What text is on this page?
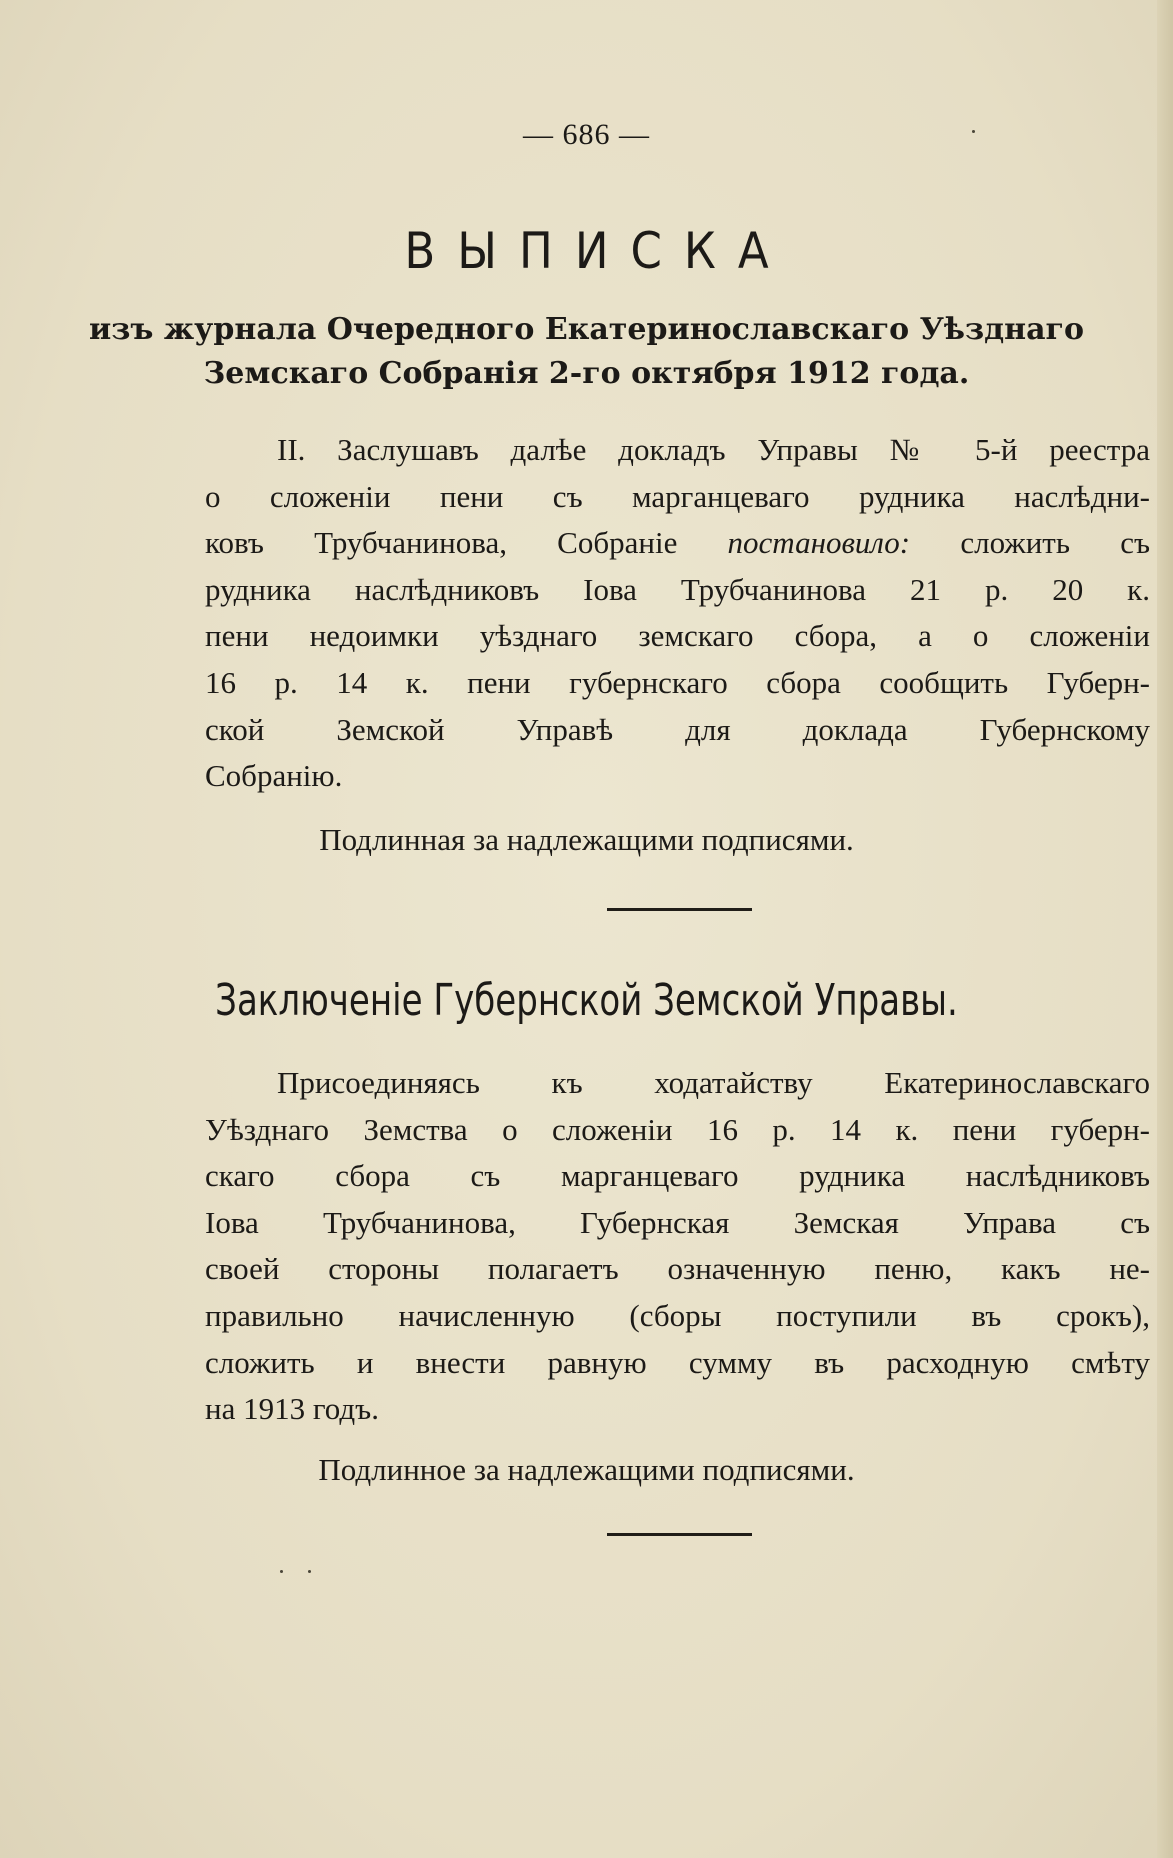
— 686 —
ВЫПИСКА
изъ журнала Очередного Екатеринославскаго Уѣзднаго
Земскаго Собранія 2-го октября 1912 года.
II. Заслушавъ далѣе докладъ Управы № 5-й реестра
о сложеніи пени съ марганцеваго рудника наслѣдни-
ковъ Трубчанинова, Собраніе постановило: сложить съ
рудника наслѣдниковъ Іова Трубчанинова 21 р. 20 к.
пени недоимки уѣзднаго земскаго сбора, а о сложеніи
16 р. 14 к. пени губернскаго сбора сообщить Губерн-
ской Земской Управѣ для доклада Губернскому
Собранію.
Подлинная за надлежащими подписями.
Заключеніе Губернской Земской Управы.
Присоединяясь къ ходатайству Екатеринославскаго
Уѣзднаго Земства о сложеніи 16 р. 14 к. пени губерн-
скаго сбора съ марганцеваго рудника наслѣдниковъ
Іова Трубчанинова, Губернская Земская Управа съ
своей стороны полагаетъ означенную пеню, какъ не-
правильно начисленную (сборы поступили въ срокъ),
сложить и внести равную сумму въ расходную смѣту
на 1913 годъ.
Подлинное за надлежащими подписями.
